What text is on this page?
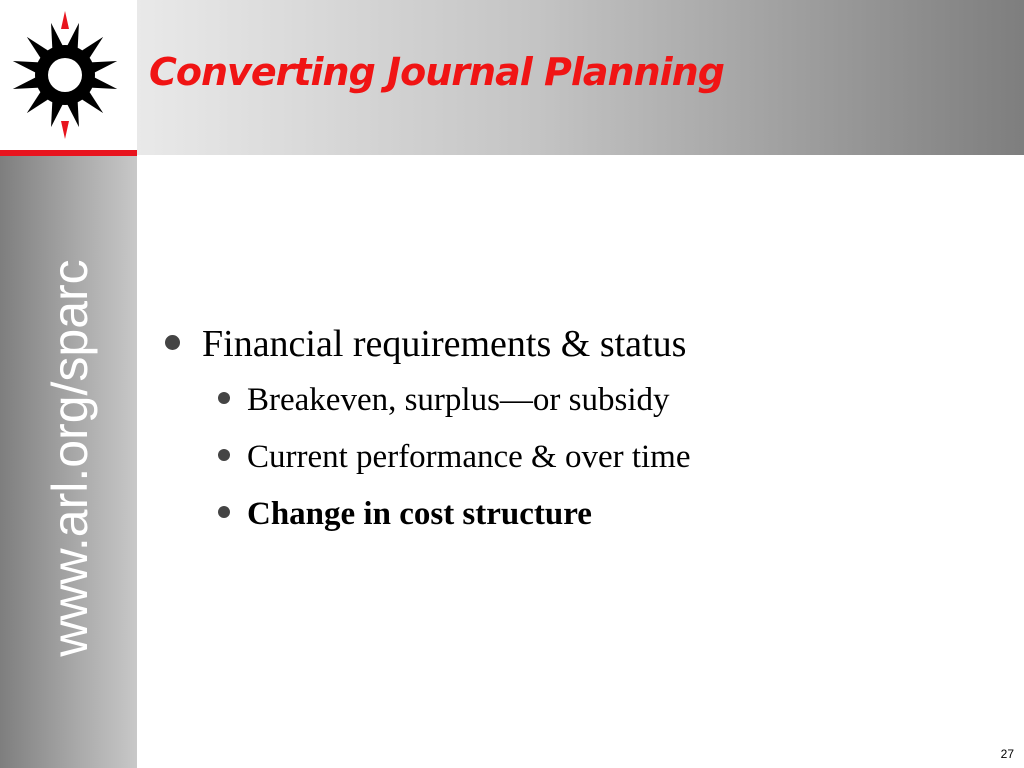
Converting Journal Planning
www.arl.org/sparc	Financial requirements & status
Breakeven, surplus—or subsidy
Current performance & over time
Change in cost structure
27
